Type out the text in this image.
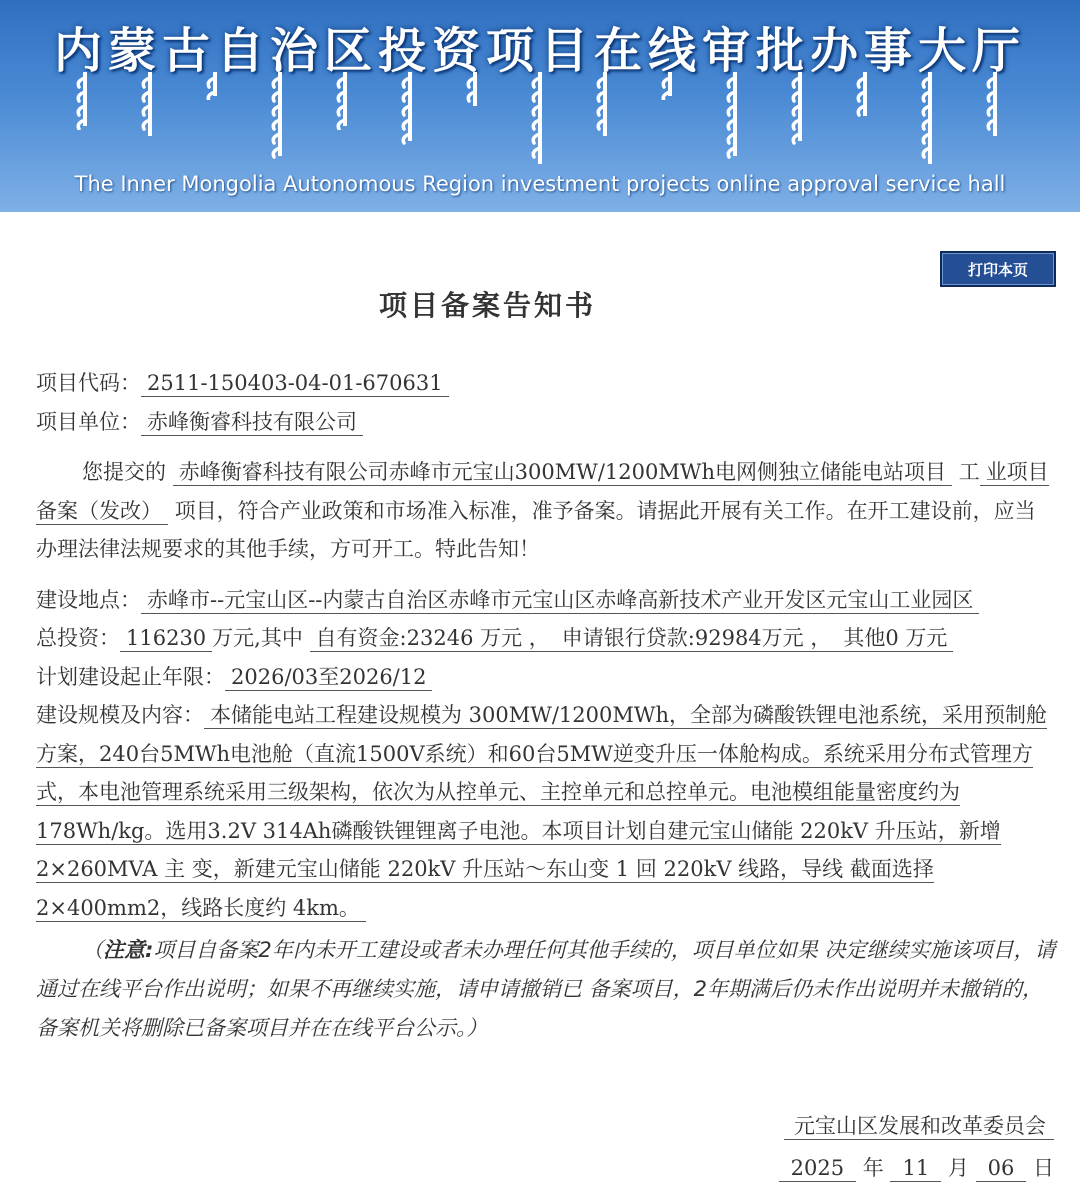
内蒙古自治区投资项目在线审批办事大厅
The Inner Mongolia Autonomous Region investment projects online approval service hall
打印本页
项目备案告知书

项目代码： 2511-150403-04-01-670631

项目单位： 赤峰衡睿科技有限公司

您提交的 赤峰衡睿科技有限公司赤峰市元宝山300MW/1200MWh电网侧独立储能电站项目 工 业项目备案（发改） 项目，符合产业政策和市场准入标准，准予备案。请据此开展有关工作。在开工建设前，应当办理法律法规要求的其他手续，方可开工。特此告知！

建设地点： 赤峰市--元宝山区--内蒙古自治区赤峰市元宝山区赤峰高新技术产业开发区元宝山工业园区

总投资： 116230 万元,其中 自有资金:23246 万元 ， 申请银行贷款:92984万元 ， 其他0 万元

计划建设起止年限： 2026/03至2026/12

建设规模及内容： 本储能电站工程建设规模为 300MW/1200MWh，全部为磷酸铁锂电池系统，采用预制舱方案，240台5MWh电池舱（直流1500V系统）和60台5MW逆变升压一体舱构成。系统采用分布式管理方式，本电池管理系统采用三级架构，依次为从控单元、主控单元和总控单元。电池模组能量密度约为178Wh/kg。选用3.2V 314Ah磷酸铁锂锂离子电池。本项目计划自建元宝山储能 220kV 升压站，新增 2×260MVA 主 变，新建元宝山储能 220kV 升压站～东山变 1 回 220kV 线路，导线 截面选择 2×400mm2，线路长度约 4km。

（注意:项目自备案2年内未开工建设或者未办理任何其他手续的，项目单位如果 决定继续实施该项目，请通过在线平台作出说明；如果不再继续实施，请申请撤销已 备案项目，2年期满后仍未作出说明并未撤销的，备案机关将删除已备案项目并在在线平台公示。）

元宝山区发展和改革委员会
2025 年 11 月 06 日
